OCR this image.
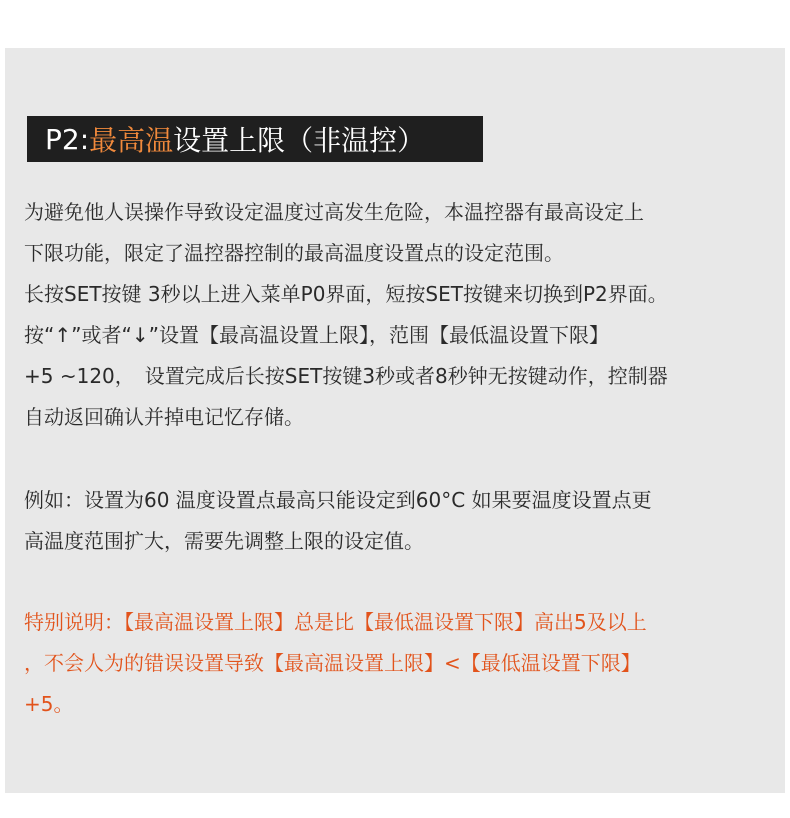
P2: 最高温 设置上限（非温控）
为避免他人误操作导致设定温度过高发生危险，本温控器有最高设定上
下限功能，限定了温控器控制的最高温度设置点的设定范围。
长按SET按键 3秒以上进入菜单P0界面，短按SET按键来切换到P2界面。
按“↑”或者“↓”设置【最高温设置上限】，范围【最低温设置下限】
+5 ~120，　设置完成后长按SET按键3秒或者8秒钟无按键动作，控制器
自动返回确认并掉电记忆存储。
例如：设置为60 温度设置点最高只能设定到60°C 如果要温度设置点更
高温度范围扩大，需要先调整上限的设定值。
特别说明：【最高温设置上限】总是比【最低温设置下限】高出5及以上
，不会人为的错误设置导致【最高温设置上限】<【最低温设置下限】
+5。
